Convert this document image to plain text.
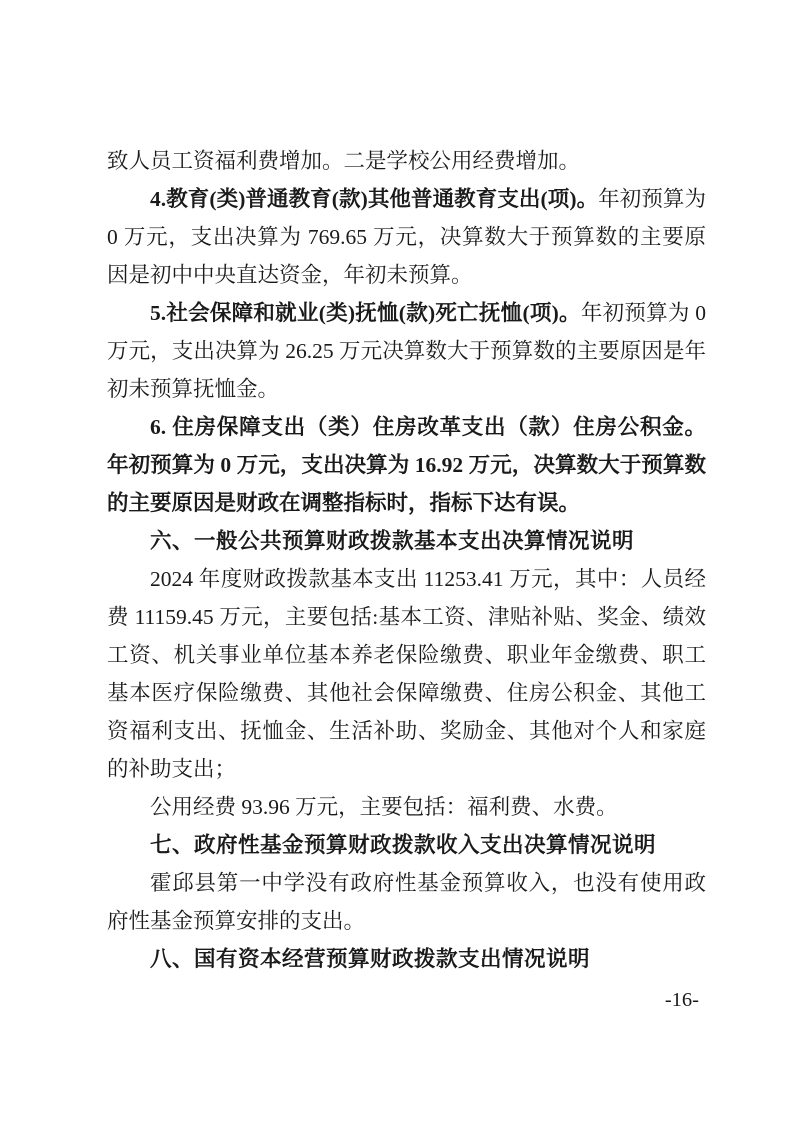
致人员工资福利费增加。二是学校公用经费增加。

4.教育(类)普通教育(款)其他普通教育支出(项)。年初预算为 0 万元，支出决算为 769.65 万元，决算数大于预算数的主要原因是初中中央直达资金，年初未预算。

5.社会保障和就业(类)抚恤(款)死亡抚恤(项)。年初预算为 0 万元，支出决算为 26.25 万元决算数大于预算数的主要原因是年初未预算抚恤金。

6. 住房保障支出（类）住房改革支出（款）住房公积金。年初预算为 0 万元，支出决算为 16.92 万元，决算数大于预算数的主要原因是财政在调整指标时，指标下达有误。

六、一般公共预算财政拨款基本支出决算情况说明

2024 年度财政拨款基本支出 11253.41 万元，其中：人员经费 11159.45 万元，主要包括:基本工资、津贴补贴、奖金、绩效工资、机关事业单位基本养老保险缴费、职业年金缴费、职工基本医疗保险缴费、其他社会保障缴费、住房公积金、其他工资福利支出、抚恤金、生活补助、奖励金、其他对个人和家庭的补助支出；

公用经费 93.96 万元，主要包括：福利费、水费。

七、政府性基金预算财政拨款收入支出决算情况说明

霍邱县第一中学没有政府性基金预算收入，也没有使用政府性基金预算安排的支出。

八、国有资本经营预算财政拨款支出情况说明

-16-
